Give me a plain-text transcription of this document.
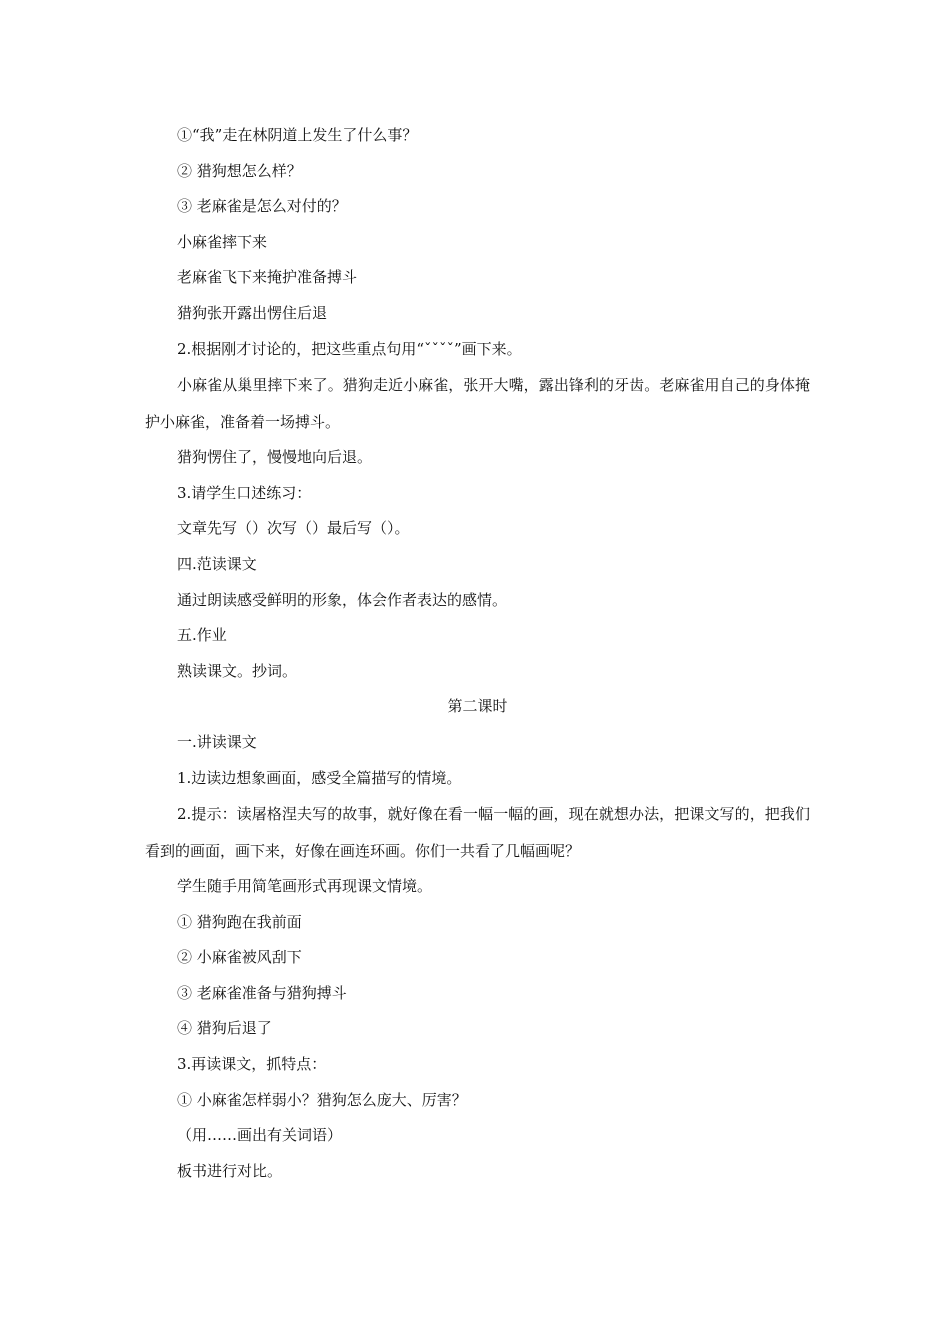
①“我”走在林阴道上发生了什么事？
② 猎狗想怎么样？
③ 老麻雀是怎么对付的？
小麻雀摔下来
老麻雀飞下来掩护准备搏斗
猎狗张开露出愣住后退
2.根据刚才讨论的，把这些重点句用“ˇˇˇˇ”画下来。
小麻雀从巢里摔下来了。猎狗走近小麻雀，张开大嘴，露出锋利的牙齿。老麻雀用自己的身体掩护小麻雀，准备着一场搏斗。
猎狗愣住了，慢慢地向后退。
3.请学生口述练习：
文章先写（）次写（）最后写（）。
四.范读课文
通过朗读感受鲜明的形象，体会作者表达的感情。
五.作业
熟读课文。抄词。
第二课时
一.讲读课文
1.边读边想象画面，感受全篇描写的情境。
2.提示：读屠格涅夫写的故事，就好像在看一幅一幅的画，现在就想办法，把课文写的，把我们看到的画面，画下来，好像在画连环画。你们一共看了几幅画呢？
学生随手用简笔画形式再现课文情境。
① 猎狗跑在我前面
② 小麻雀被风刮下
③ 老麻雀准备与猎狗搏斗
④ 猎狗后退了
3.再读课文，抓特点：
① 小麻雀怎样弱小？猎狗怎么庞大、厉害？
（用……画出有关词语）
板书进行对比。
